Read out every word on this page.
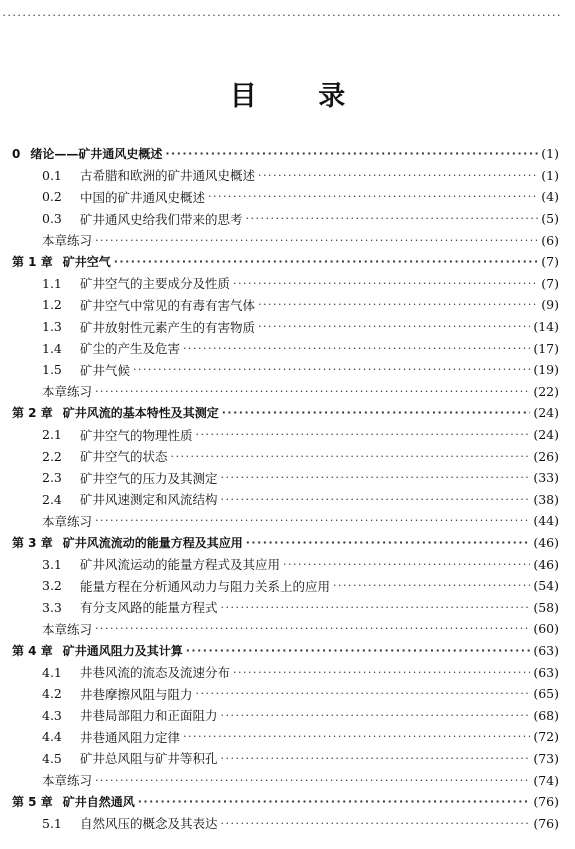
·····
目 录
0 绪论——矿井通风史概述 ·····	(1)
0.1	古希腊和欧洲的矿井通风史概述 ·····	(1)
0.2	中国的矿井通风史概述 ·····	(4)
0.3	矿井通风史给我们带来的思考 ·····	(5)
本章练习 ·····	(6)
第 1 章 矿井空气 ·····	(7)
1.1	矿井空气的主要成分及性质 ·····	(7)
1.2	矿井空气中常见的有毒有害气体 ·····	(9)
1.3	矿井放射性元素产生的有害物质 ·····	(14)
1.4	矿尘的产生及危害 ·····	(17)
1.5	矿井气候 ·····	(19)
本章练习 ·····	(22)
第 2 章 矿井风流的基本特性及其测定 ·····	(24)
2.1	矿井空气的物理性质 ·····	(24)
2.2	矿井空气的状态 ·····	(26)
2.3	矿井空气的压力及其测定 ·····	(33)
2.4	矿井风速测定和风流结构 ·····	(38)
本章练习 ·····	(44)
第 3 章 矿井风流流动的能量方程及其应用 ·····	(46)
3.1	矿井风流运动的能量方程式及其应用 ·····	(46)
3.2	能量方程在分析通风动力与阻力关系上的应用 ·····	(54)
3.3	有分支风路的能量方程式 ·····	(58)
本章练习 ·····	(60)
第 4 章 矿井通风阻力及其计算 ·····	(63)
4.1	井巷风流的流态及流速分布 ·····	(63)
4.2	井巷摩擦风阻与阻力 ·····	(65)
4.3	井巷局部阻力和正面阻力 ·····	(68)
4.4	井巷通风阻力定律 ·····	(72)
4.5	矿井总风阻与矿井等积孔 ·····	(73)
本章练习 ·····	(74)
第 5 章 矿井自然通风 ·····	(76)
5.1	自然风压的概念及其表达 ·····	(76)
